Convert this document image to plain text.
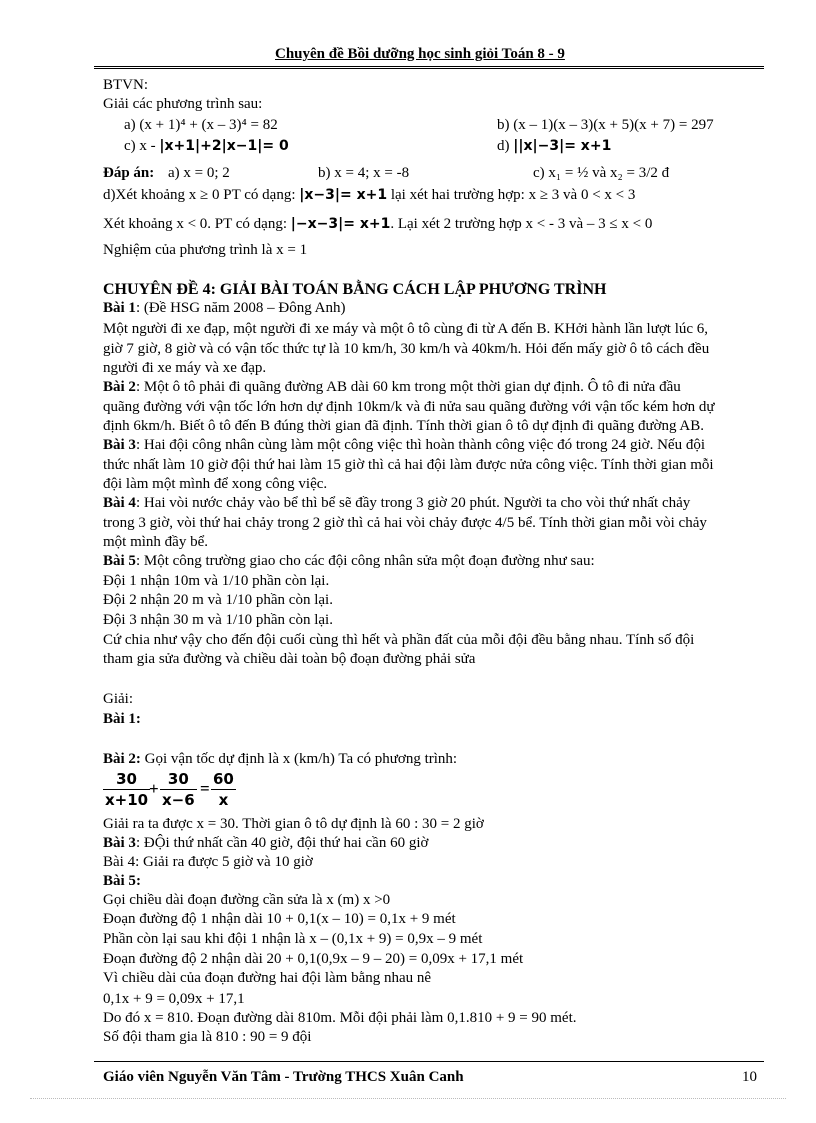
Chuyên đề Bồi dưỡng học sinh giỏi Toán 8 - 9
BTVN:
Giải các phương trình sau:
a) (x + 1)⁴ + (x – 3)⁴ = 82	b) (x – 1)(x – 3)(x + 5)(x + 7) = 297
c) x - |x+1|+2|x−1|= 0	d) ||x|−3|= x+1
Đáp án: a) x = 0; 2	b) x = 4; x = -8	c) x₁ = ½ và x₂ = 3/2 đ
d)Xét khoảng x ≥ 0 PT có dạng: |x−3|= x+1 lại xét hai trường hợp: x ≥ 3 và 0 < x < 3
Xét khoảng x < 0. PT có dạng: |−x−3|= x+1. Lại xét 2 trường hợp x < - 3 và – 3 ≤ x < 0
Nghiệm của phương trình là x = 1
CHUYÊN ĐỀ 4: GIẢI BÀI TOÁN BẰNG CÁCH LẬP PHƯƠNG TRÌNH
Bài 1: (Đề HSG năm 2008 – Đông Anh)
Một người đi xe đạp, một người đi xe máy và một ô tô cùng đi từ A đến B. KHởi hành lần lượt lúc 6,
giờ 7 giờ, 8 giờ và có vận tốc thức tự là 10 km/h, 30 km/h và 40km/h. Hỏi đến mấy giờ ô tô cách đều
người đi xe máy và xe đạp.
Bài 2: Một ô tô phải đi quãng đường AB dài 60 km trong một thời gian dự định. Ô tô đi nửa đầu
quãng đường với vận tốc lớn hơn dự định 10km/k và đi nửa sau quãng đường với vận tốc kém hơn dự
định 6km/h. Biết ô tô đến B đúng thời gian đã định. Tính thời gian ô tô dự định đi quãng đường AB.
Bài 3: Hai đội công nhân cùng làm một công việc thì hoàn thành công việc đó trong 24 giờ. Nếu đội
thức nhất làm 10 giờ đội thứ hai làm 15 giờ thì cả hai đội làm được nửa công việc. Tính thời gian mỗi
đội làm một mình để xong công việc.
Bài 4: Hai vòi nước chảy vào bể thì bể sẽ đầy trong 3 giờ 20 phút. Người ta cho vòi thứ nhất chảy
trong 3 giờ, vòi thứ hai chảy trong 2 giờ thì cả hai vòi chảy được 4/5 bể. Tính thời gian mỗi vòi chảy
một mình đầy bể.
Bài 5: Một công trường giao cho các đội công nhân sửa một đoạn đường như sau:
Đội 1 nhận 10m và 1/10 phần còn lại.
Đội 2 nhận 20 m và 1/10 phần còn lại.
Đội 3 nhận 30 m và 1/10 phần còn lại.
Cứ chia như vậy cho đến đội cuối cùng thì hết và phần đất của mỗi đội đều bằng nhau. Tính số đội
tham gia sửa đường và chiều dài toàn bộ đoạn đường phải sửa
Giải:
Bài 1:
Bài 2: Gọi vận tốc dự định là x (km/h) Ta có phương trình:
$\frac{30}{x+10}$
+ $\frac{30}{x-6} = \frac{60}{x}$
Giải ra ta được x = 30. Thời gian ô tô dự định là 60 : 30 = 2 giờ
Bài 3: ĐỘi thứ nhất cần 40 giờ, đội thứ hai cần 60 giờ
Bài 4: Giải ra được 5 giờ và 10 giờ
Bài 5:
Gọi chiều dài đoạn đường cần sửa là x (m) x >0
Đoạn đường độ 1 nhận dài 10 + 0,1(x – 10) = 0,1x + 9 mét
Phần còn lại sau khi đội 1 nhận là x – (0,1x + 9) = 0,9x – 9 mét
Đoạn đường độ 2 nhận dài 20 + 0,1(0,9x – 9 – 20) = 0,09x + 17,1 mét
Vì chiều dài của đoạn đường hai đội làm bằng nhau nê
0,1x + 9 = 0,09x + 17,1
Do đó x = 810. Đoạn đường dài 810m. Mỗi đội phải làm 0,1.810 + 9 = 90 mét.
Số đội tham gia là 810 : 90 = 9 đội
Giáo viên Nguyễn Văn Tâm - Trường THCS Xuân Canh	10
